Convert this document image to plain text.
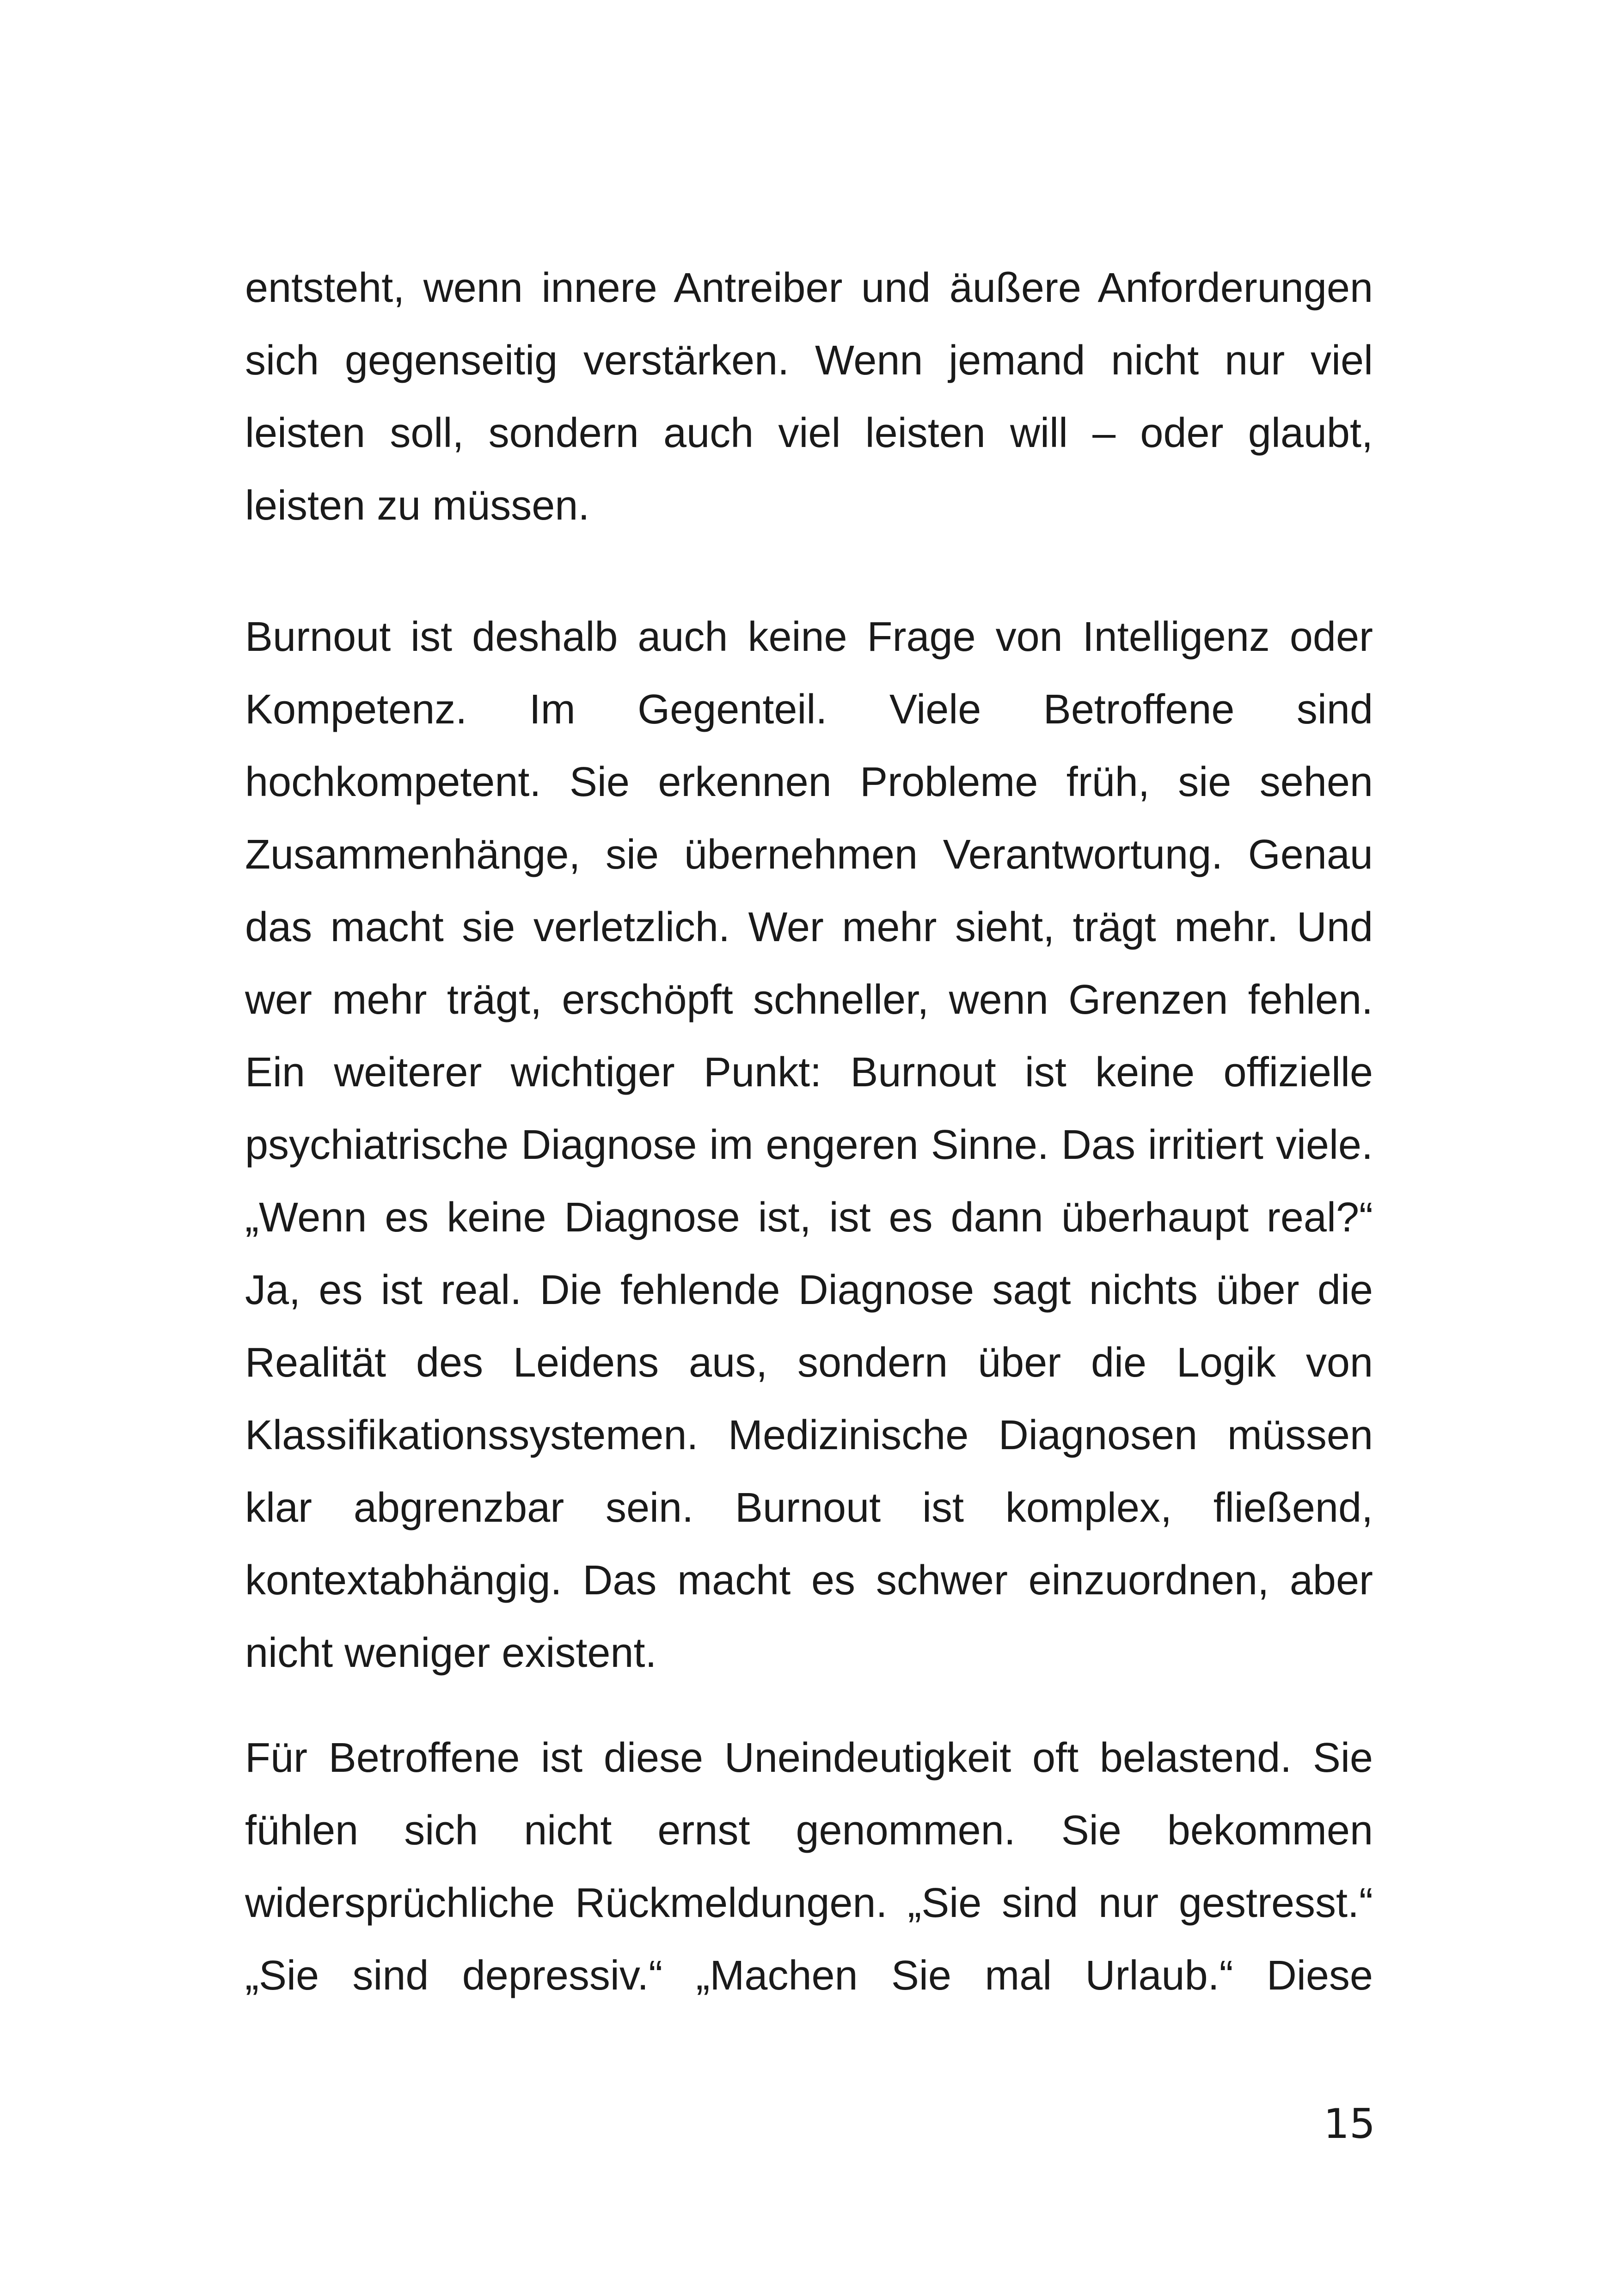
entsteht, wenn innere Antreiber und äußere Anforderungen
sich gegenseitig verstärken. Wenn jemand nicht nur viel
leisten soll, sondern auch viel leisten will – oder glaubt,
leisten zu müssen.
Burnout ist deshalb auch keine Frage von Intelligenz oder
Kompetenz. Im Gegenteil. Viele Betroffene sind
hochkompetent. Sie erkennen Probleme früh, sie sehen
Zusammenhänge, sie übernehmen Verantwortung. Genau
das macht sie verletzlich. Wer mehr sieht, trägt mehr. Und
wer mehr trägt, erschöpft schneller, wenn Grenzen fehlen.
Ein weiterer wichtiger Punkt: Burnout ist keine offizielle
psychiatrische Diagnose im engeren Sinne. Das irritiert viele.
„Wenn es keine Diagnose ist, ist es dann überhaupt real?“
Ja, es ist real. Die fehlende Diagnose sagt nichts über die
Realität des Leidens aus, sondern über die Logik von
Klassifikationssystemen. Medizinische Diagnosen müssen
klar abgrenzbar sein. Burnout ist komplex, fließend,
kontextabhängig. Das macht es schwer einzuordnen, aber
nicht weniger existent.
Für Betroffene ist diese Uneindeutigkeit oft belastend. Sie
fühlen sich nicht ernst genommen. Sie bekommen
widersprüchliche Rückmeldungen. „Sie sind nur gestresst.“
„Sie sind depressiv.“ „Machen Sie mal Urlaub.“ Diese
15
